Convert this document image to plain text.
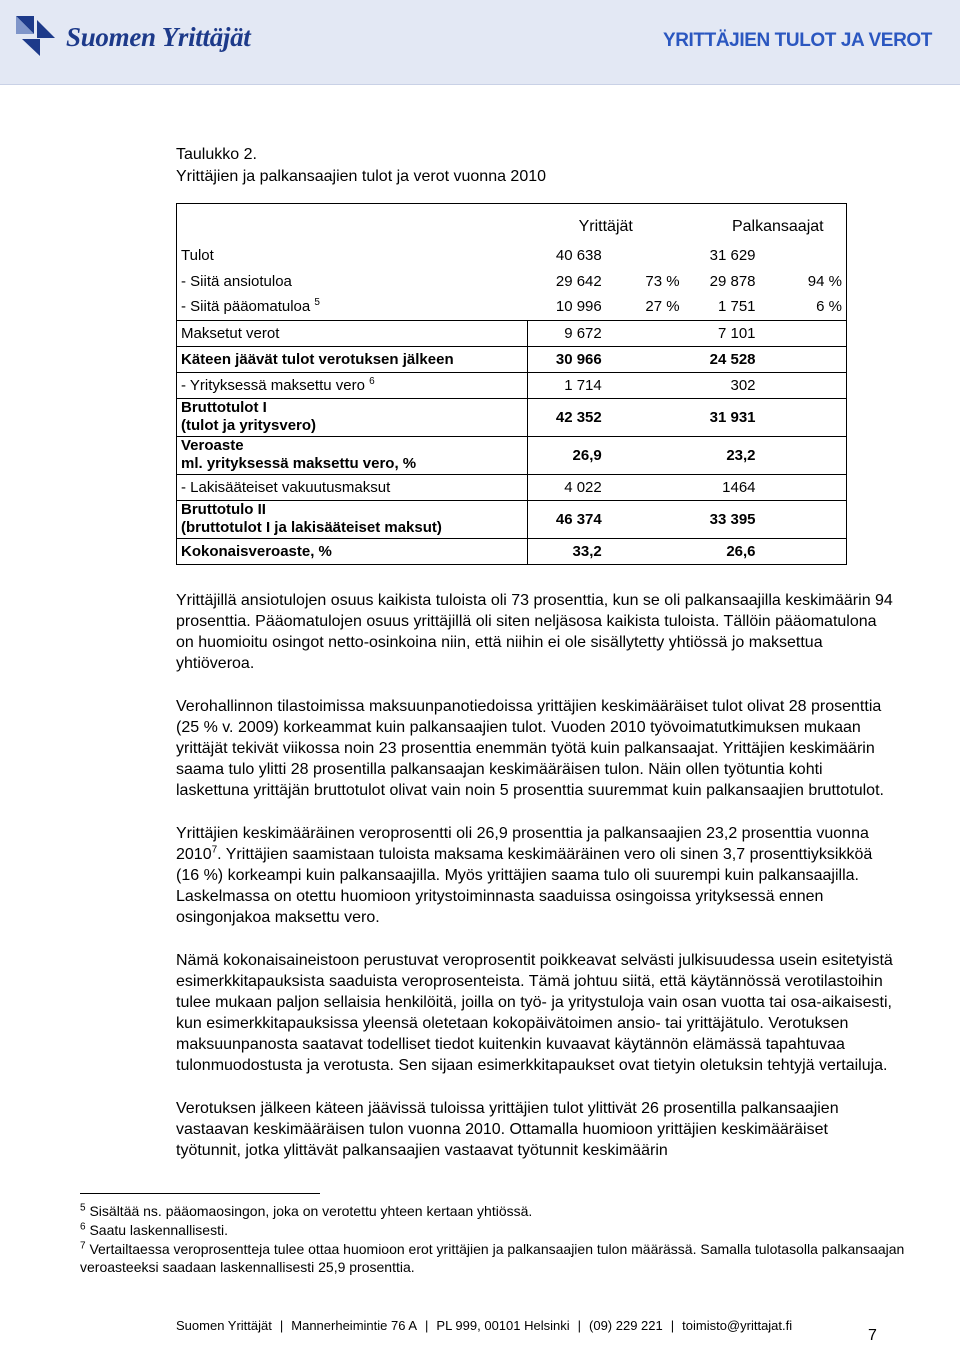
Suomen Yrittäjät	YRITTÄJIEN TULOT JA VEROT
Taulukko 2.
Yrittäjien ja palkansaajien tulot ja verot vuonna 2010
	Yrittäjät		Palkansaajat	
Tulot	40 638		31 629	
- Siitä ansiotuloa	29 642	73 %	29 878	94 %
- Siitä pääomatuloa $^5$	10 996	27 %	1 751	6 %
Maksetut verot	9 672		7 101	
Käteen jäävät tulot verotuksen jälkeen	30 966		24 528	
- Yrityksessä maksettu vero $^6$	1 714		302	

Bruttotulot I
(tulot ja yritysvero)	42 352		31 931	

Veroaste
ml. yrityksessä maksettu vero, %	26,9		23,2	
- Lakisääteiset vakuutusmaksut	4 022		1464	

Bruttotulo II
(bruttotulot I ja lakisääteiset maksut)	46 374		33 395	
Kokonaisveroaste, %	33,2		26,6	

Yrittäjillä ansiotulojen osuus kaikista tuloista oli 73 prosenttia, kun se oli palkansaajilla keskimäärin 94 prosenttia. Pääomatulojen osuus yrittäjillä oli siten neljäsosa kaikista tuloista. Tällöin pääomatulona on huomioitu osingot netto-osinkoina niin, että niihin ei ole sisällytetty yhtiössä jo maksettua yhtiöveroa.

Verohallinnon tilastoimissa maksuunpanotiedoissa yrittäjien keskimääräiset tulot olivat 28 prosenttia (25 % v. 2009) korkeammat kuin palkansaajien tulot. Vuoden 2010 työvoimatutkimuksen mukaan yrittäjät tekivät viikossa noin 23 prosenttia enemmän työtä kuin palkansaajat. Yrittäjien keskimäärin saama tulo ylitti 28 prosentilla palkansaajan keskimääräisen tulon. Näin ollen työtuntia kohti laskettuna yrittäjän bruttotulot olivat vain noin 5 prosenttia suuremmat kuin palkansaajien bruttotulot.

Yrittäjien keskimääräinen veroprosentti oli 26,9 prosenttia ja palkansaajien 23,2 prosenttia vuonna 2010$^7$. Yrittäjien saamistaan tuloista maksama keskimääräinen vero oli sinen 3,7 prosenttiyksikköä (16 %) korkeampi kuin palkansaajilla. Myös yrittäjien saama tulo oli suurempi kuin palkansaajilla. Laskelmassa on otettu huomioon yritystoiminnasta saaduissa osingoissa yrityksessä ennen osingonjakoa maksettu vero.

Nämä kokonaisaineistoon perustuvat veroprosentit poikkeavat selvästi julkisuudessa usein esitetyistä esimerkkitapauksista saaduista veroprosenteista. Tämä johtuu siitä, että käytännössä verotilastoihin tulee mukaan paljon sellaisia henkilöitä, joilla on työ- ja yritystuloja vain osan vuotta tai osa-aikaisesti, kun esimerkkitapauksissa yleensä oletetaan kokopäivätoimen ansio- tai yrittäjätulo. Verotuksen maksuunpanosta saatavat todelliset tiedot kuitenkin kuvaavat käytännön elämässä tapahtuvaa tulonmuodostusta ja verotusta. Sen sijaan esimerkkitapaukset ovat tietyin oletuksin tehtyjä vertailuja.

Verotuksen jälkeen käteen jäävissä tuloissa yrittäjien tulot ylittivät 26 prosentilla palkansaajien vastaavan keskimääräisen tulon vuonna 2010. Ottamalla huomioon yrittäjien keskimääräiset työtunnit, jotka ylittävät palkansaajien vastaavat työtunnit keskimäärin

$^5$ Sisältää ns. pääomaosingon, joka on verotettu yhteen kertaan yhtiössä.
$^6$ Saatu laskennallisesti.
$^7$ Vertailtaessa veroprosentteja tulee ottaa huomioon erot yrittäjien ja palkansaajien tulon määrässä. Samalla tulotasolla palkansaajan veroasteeksi saadaan laskennallisesti 25,9 prosenttia.
Suomen Yrittäjät | Mannerheimintie 76 A | PL 999, 00101 Helsinki | (09) 229 221 | toimisto@yrittajat.fi
7
